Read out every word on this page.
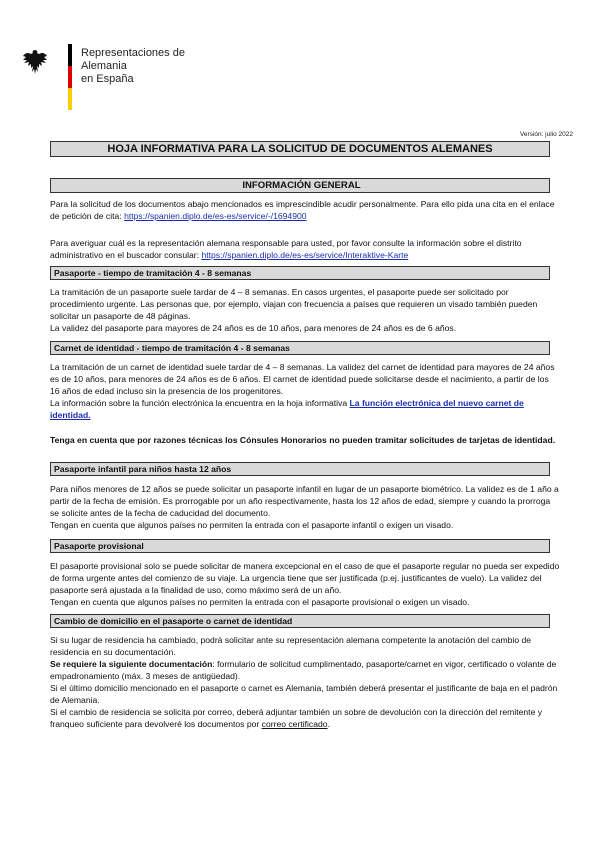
Representaciones de Alemania
en España
Versión: julio 2022
HOJA INFORMATIVA PARA LA SOLICITUD DE DOCUMENTOS ALEMANES
INFORMACIÓN GENERAL
Para la solicitud de los documentos abajo mencionados es imprescindible acudir personalmente. Para ello pida una cita en el enlace de petición de cita: https://spanien.diplo.de/es-es/service/-/1694900
Para averiguar cuál es la representación alemana responsable para usted, por favor consulte la información sobre el distrito administrativo en el buscador consular: https://spanien.diplo.de/es-es/service/Interaktive-Karte
Pasaporte - tiempo de tramitación 4 - 8 semanas

La tramitación de un pasaporte suele tardar de 4 – 8 semanas. En casos urgentes, el pasaporte puede ser solicitado por procedimiento urgente. Las personas que, por ejemplo, viajan con frecuencia a países que requieren un visado también pueden solicitar un pasaporte de 48 páginas.

La validez del pasaporte para mayores de 24 años es de 10 años, para menores de 24 años es de 6 años.

Carnet de identidad - tiempo de tramitación 4 - 8 semanas

La tramitación de un carnet de identidad suele tardar de 4 – 8 semanas. La validez del carnet de identidad para mayores de 24 años es de 10 años, para menores de 24 años es de 6 años. El carnet de identidad puede solicitarse desde el nacimiento, a partir de los 16 años de edad incluso sin la presencia de los progenitores.

La información sobre la función electrónica la encuentra en la hoja informativa La función electrónica del nuevo carnet de identidad.

Tenga en cuenta que por razones técnicas los Cónsules Honorarios no pueden tramitar solicitudes de tarjetas de identidad.
Pasaporte infantil para niños hasta 12 años

Para niños menores de 12 años se puede solicitar un pasaporte infantil en lugar de un pasaporte biométrico. La validez es de 1 año a partir de la fecha de emisión. Es prorrogable por un año respectivamente, hasta los 12 años de edad, siempre y cuando la prorroga se solicite antes de la fecha de caducidad del documento.

Tengan en cuenta que algunos países no permiten la entrada con el pasaporte infantil o exigen un visado.

Pasaporte provisional

El pasaporte provisional solo se puede solicitar de manera excepcional en el caso de que el pasaporte regular no pueda ser expedido de forma urgente antes del comienzo de su viaje. La urgencia tiene que ser justificada (p.ej. justificantes de vuelo). La validez del pasaporte será ajustada a la finalidad de uso, como máximo será de un año.

Tengan en cuenta que algunos países no permiten la entrada con el pasaporte provisional o exigen un visado.

Cambio de domicilio en el pasaporte o carnet de identidad

Si su lugar de residencia ha cambiado, podrá solicitar ante su representación alemana competente la anotación del cambio de residencia en su documentación.

Se requiere la siguiente documentación: formulario de solicitud cumplimentado, pasaporte/carnet en vigor, certificado o volante de empadronamiento (máx. 3 meses de antigüedad).

Si el último domicilio mencionado en el pasaporte o carnet es Alemania, también deberá presentar el justificante de baja en el padrón de Alemania.

Si el cambio de residencia se solicita por correo, deberá adjuntar también un sobre de devolución con la dirección del remitente y franqueo suficiente para devolveré los documentos por correo certificado.
